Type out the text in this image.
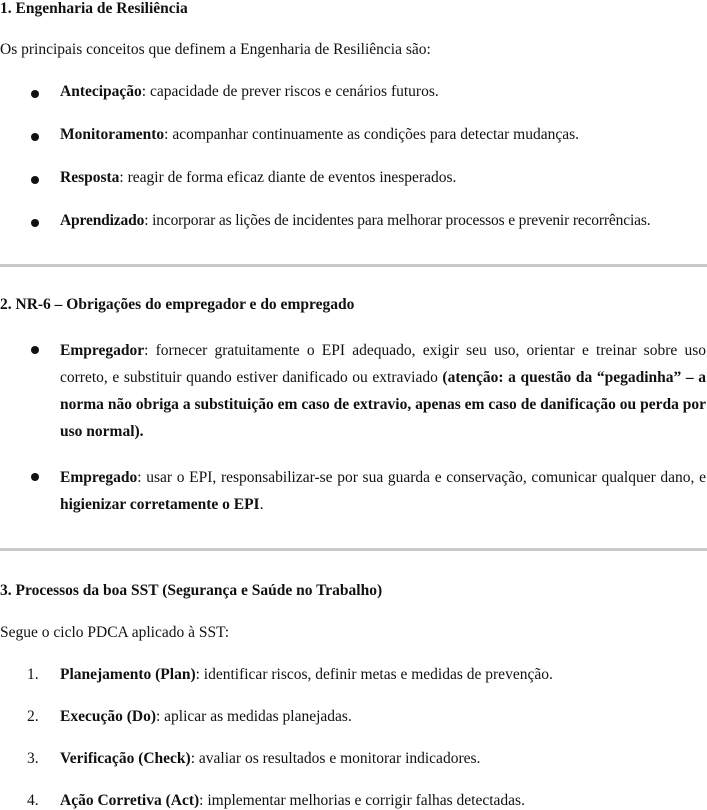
1. Engenharia de Resiliência
Os principais conceitos que definem a Engenharia de Resiliência são:
Antecipação: capacidade de prever riscos e cenários futuros.
Monitoramento: acompanhar continuamente as condições para detectar mudanças.
Resposta: reagir de forma eficaz diante de eventos inesperados.
Aprendizado: incorporar as lições de incidentes para melhorar processos e prevenir recorrências.
2. NR-6 – Obrigações do empregador e do empregado
Empregador: fornecer gratuitamente o EPI adequado, exigir seu uso, orientar e treinar sobre uso correto, e substituir quando estiver danificado ou extraviado (atenção: a questão da “pegadinha” – a norma não obriga a substituição em caso de extravio, apenas em caso de danificação ou perda por uso normal).
Empregado: usar o EPI, responsabilizar-se por sua guarda e conservação, comunicar qualquer dano, e higienizar corretamente o EPI.
3. Processos da boa SST (Segurança e Saúde no Trabalho)
Segue o ciclo PDCA aplicado à SST:
1. Planejamento (Plan): identificar riscos, definir metas e medidas de prevenção.
2. Execução (Do): aplicar as medidas planejadas.
3. Verificação (Check): avaliar os resultados e monitorar indicadores.
4. Ação Corretiva (Act): implementar melhorias e corrigir falhas detectadas.
